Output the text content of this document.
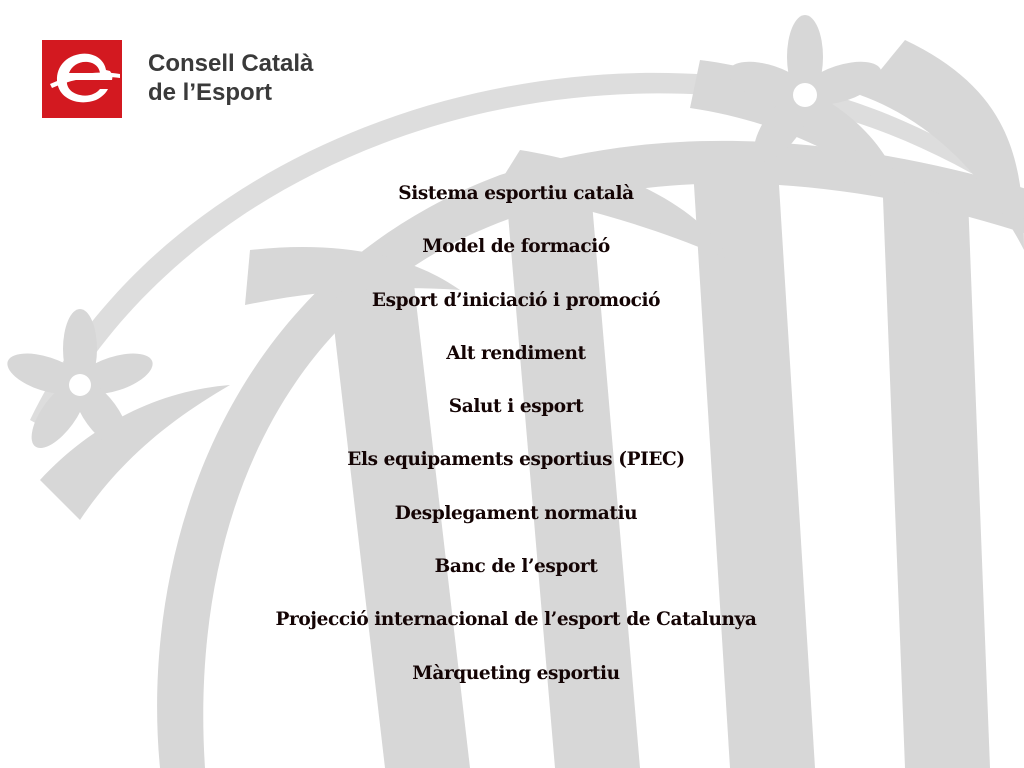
Consell Català
de l’Esport
Sistema esportiu català
Model de formació
Esport d’iniciació i promoció
Alt rendiment
Salut i esport
Els equipaments esportius (PIEC)
Desplegament normatiu
Banc de l’esport
Projecció internacional de l’esport de Catalunya
Màrqueting esportiu
